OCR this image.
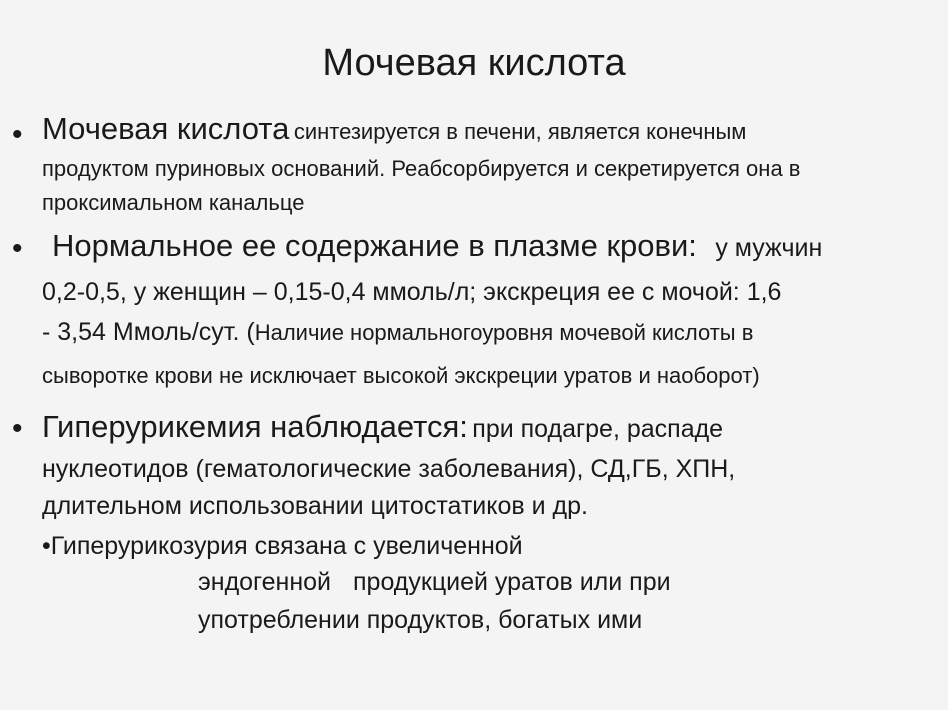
Мочевая кислота
• Мочевая кислота синтезируется в печени, является конечным
продуктом пуриновых оснований. Реабсорбируется и секретируется она в
проксимальном канальце
• Нормальное ее содержание в плазме крови: у мужчин
0,2-0,5, у женщин – 0,15-0,4 ммоль/л; экскреция ее с мочой: 1,6
- 3,54 Ммоль/сут. (Наличие нормальногоуровня мочевой кислоты в
сыворотке крови не исключает высокой экскреции уратов и наоборот)
• Гиперурикемия наблюдается: при подагре, распаде
нуклеотидов (гематологические заболевания), СД,ГБ, ХПН,
длительном использовании цитостатиков и др.
•Гиперурикозурия связана с увеличенной
эндогенной продукцией уратов или при
употреблении продуктов, богатых ими
